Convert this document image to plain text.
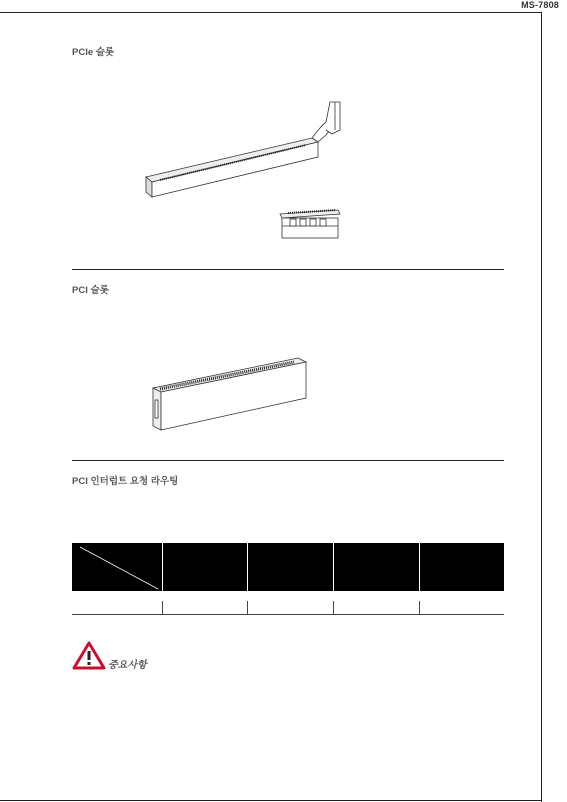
MS-7808
PCIe 슬롯
PCI 슬롯
PCI 인터럽트 요청 라우팅
중요사항
